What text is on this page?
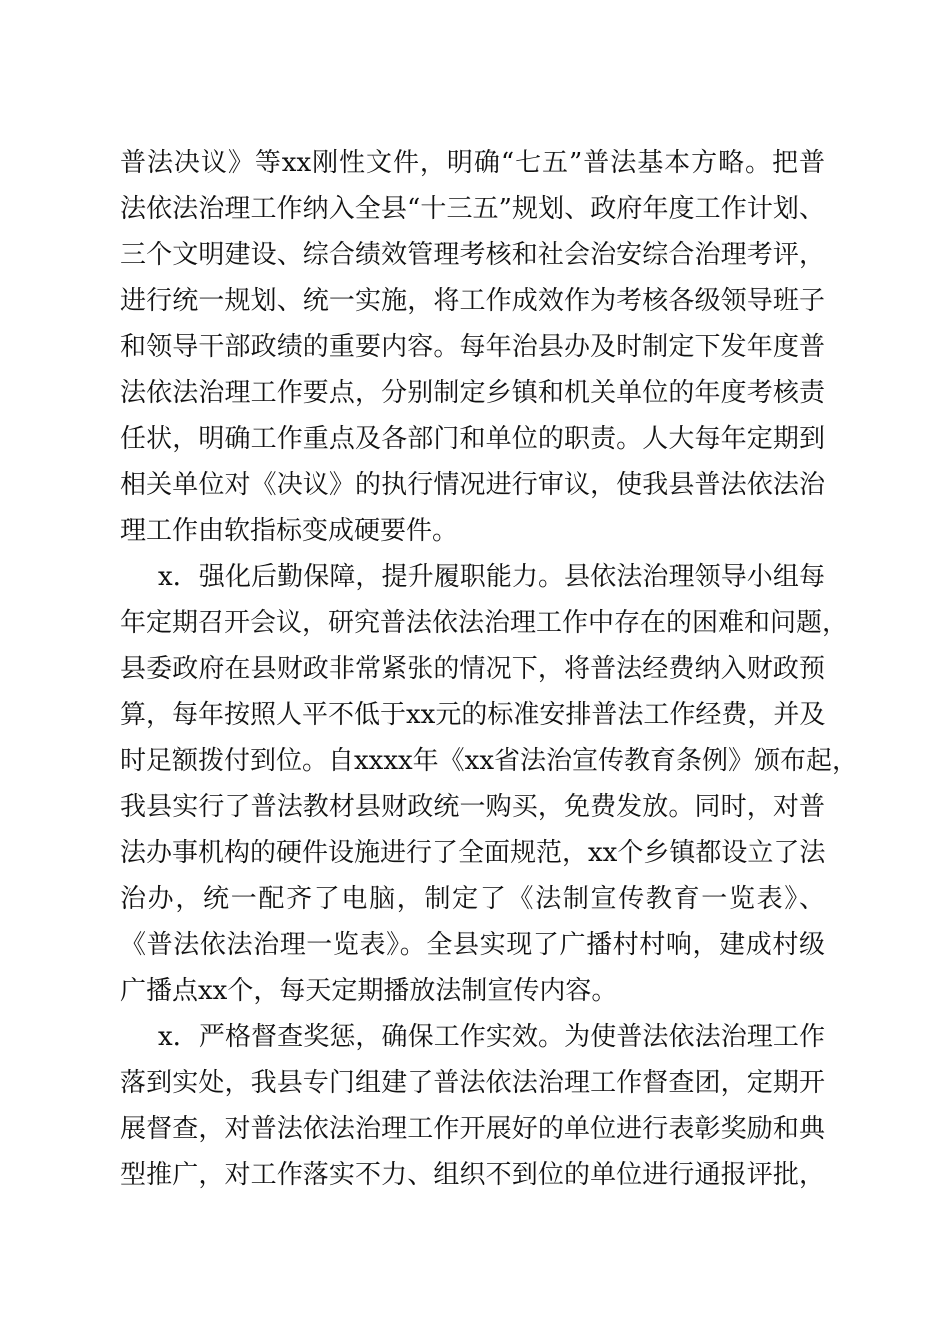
普法决议》等xx刚性文件，明确“七五”普法基本方略。把普
法依法治理工作纳入全县“十三五”规划、政府年度工作计划、
三个文明建设、综合绩效管理考核和社会治安综合治理考评，
进行统一规划、统一实施，将工作成效作为考核各级领导班子
和领导干部政绩的重要内容。每年治县办及时制定下发年度普
法依法治理工作要点，分别制定乡镇和机关单位的年度考核责
任状，明确工作重点及各部门和单位的职责。人大每年定期到
相关单位对《决议》的执行情况进行审议，使我县普法依法治
理工作由软指标变成硬要件。
x．强化后勤保障，提升履职能力。县依法治理领导小组每
年定期召开会议，研究普法依法治理工作中存在的困难和问题，
县委政府在县财政非常紧张的情况下，将普法经费纳入财政预
算，每年按照人平不低于xx元的标准安排普法工作经费，并及
时足额拨付到位。自xxxx年《xx省法治宣传教育条例》颁布起，
我县实行了普法教材县财政统一购买，免费发放。同时，对普
法办事机构的硬件设施进行了全面规范，xx个乡镇都设立了法
治办，统一配齐了电脑，制定了《法制宣传教育一览表》、
《普法依法治理一览表》。全县实现了广播村村响，建成村级
广播点xx个，每天定期播放法制宣传内容。
x．严格督查奖惩，确保工作实效。为使普法依法治理工作
落到实处，我县专门组建了普法依法治理工作督查团，定期开
展督查，对普法依法治理工作开展好的单位进行表彰奖励和典
型推广，对工作落实不力、组织不到位的单位进行通报评批，
